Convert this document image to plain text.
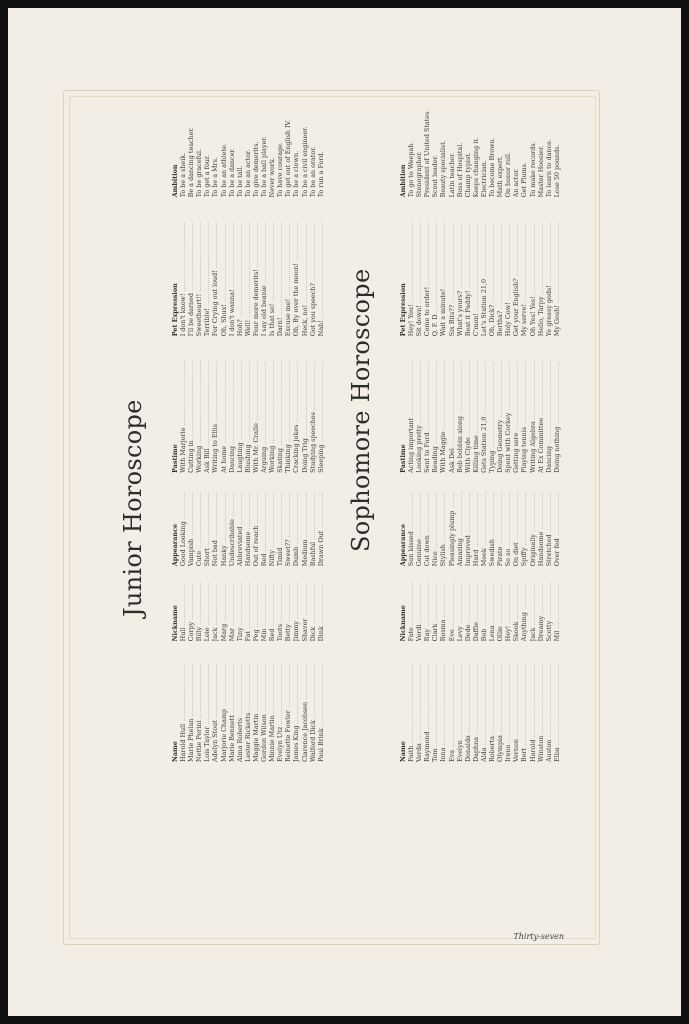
Junior Horoscope
Name	Nickname	Appearance	Pastime	Pet Expression	Ambition

Harold Hull .....	Hull .....	Good Looking .....	With Marjorie .....	I don't know! .....	To be a sheik.

Marie Phelan .....	Corpy .....	Vampish .....	Cutting in .....	I'll be darned .....	Be a dancing teacher.

Nettie Perini .....	Billy .....	Cute .....	Working .....	Sweetheart!! .....	To be graceful.

Lois Taylor .....	Loie .....	Short .....	Ask Bill .....	Terrible! .....	To get a four.

Adelyn Stout .....	Jack .....	Not bad .....	Writing to Ellis .....	For Crying out loud! .....	To be a Mrs.

Marjorie Champ .....	Marg .....	Hanky .....	At home .....	Oh, Shux! .....	To be an athlete.

Marie Bennett .....	Mar .....	Undescribable .....	Dancing .....	I don't wanna! .....	To be a dancer.

Alma Roberts .....	Tiny .....	Abbreviated .....	Laughing .....	Hoh? .....	To be tall.

Lester Ricketts .....	Fat .....	Handsome .....	Blushing .....	Well! .....	To be an actor.

Maggie Martin .....	Peg .....	Out of reach .....	With Mr. Cralle .....	Four more demerits! .....	To give demerits.

Gordon Wilson .....	Min .....	Red .....	Arguing .....	I say old beanie .....	To be a ball player.

Minnie Martin .....	Red .....	Nifty .....	Working .....	Is that so! .....	Never work.

Evelyn Utz .....	Toots .....	Timid .....	Skating .....	Darn! .....	To have courage.

Reinette Fowler .....	Betty .....	Sweet?? .....	Thinking .....	Excuse me! .....	To get out of English IV.

James King .....	Jimmy .....	Dumb .....	Cracking jokes .....	Oh, By over the moon! .....	To be a clown.

Clarence Jacobsen .....	Shaver .....	Medium .....	Doing Trig .....	Heck, no! .....	To be a civil engineer.

Walford Dick .....	Dick .....	Bashful .....	Studying speeches .....	Got you speech? .....	To be an orator.

Paul Brink .....	Dink .....	Drawn Out .....	Sleeping .....	Nah! .....	To run a Ford.
Sophomore Horoscope
Name	Nickname	Appearance	Pastime	Pet Expression	Ambition

Faith .....	Fate .....	Sun kissed .....	Acting important .....	Hey! You! .....	To go to Weepah.

Verda .....	Verdi .....	Genuine .....	Looking pretty .....	Sit down! .....	Stenographer.

Raymond .....	Ray .....	Cut down .....	Sent to Ford .....	Come to order! .....	President of United States.

Tom .....	Clark .....	Nice .....	Reading .....	Q. F. D. .....	Scout leader.

Inna .....	Rosma .....	Stylish .....	With Maggie .....	Wait a minute! .....	Beauty specialist.

Eva .....	Eve .....	Pleasingly plump .....	Ask Del .....	Six Bits?? .....	Latin teacher.

Evelyn .....	Levy .....	Amazing .....	Bob bobbin along .....	What's yours? .....	Boss of Hospital.

Donalda .....	Dede .....	Improved .....	With Clyde .....	Beat it Paddy! .....	Champ typist.

Daphna .....	Daffie .....	Hard .....	Killing time .....	C'mon! .....	Keeps changing it.

Alda .....	Bob .....	Meek .....	Gets Station 21,0 .....	Let's Station 21,0 .....	Electrician.

Roberta .....	Lena .....	Swedish .....	Typing .....	Oh, Dick? .....	To become Brown.

Olympia .....	Ollie .....	Pirate .....	Doing Geometry .....	Bertha? .....	Math expert.

Ireno .....	Hey! .....	So so .....	Spent with Corkey .....	Holy Cow! .....	On honor roll.

Vernon .....	Skook .....	On diet .....	Getting sore .....	Get your English? .....	An actor.

Bert .....	Anything .....	Spiffy .....	Playing tennis .....	My serve! .....	Get Plums.

Harold .....	Jack .....	Originally .....	Writing Algebra .....	Oh Yes! Yes! .....	To make records.

Winston .....	Dreamy .....	Handsome .....	At Ex Committee .....	Hello, Tarpy .....	Master Hoosier.

Auston .....	Scotty .....	Stretched .....	Dancing .....	Ye greasy gods! .....	To learn to dance.

Elba .....	Mil .....	Over fed .....	Doing nothing .....	My Gosh! .....	Lose 50 pounds.
Thirty-seven
